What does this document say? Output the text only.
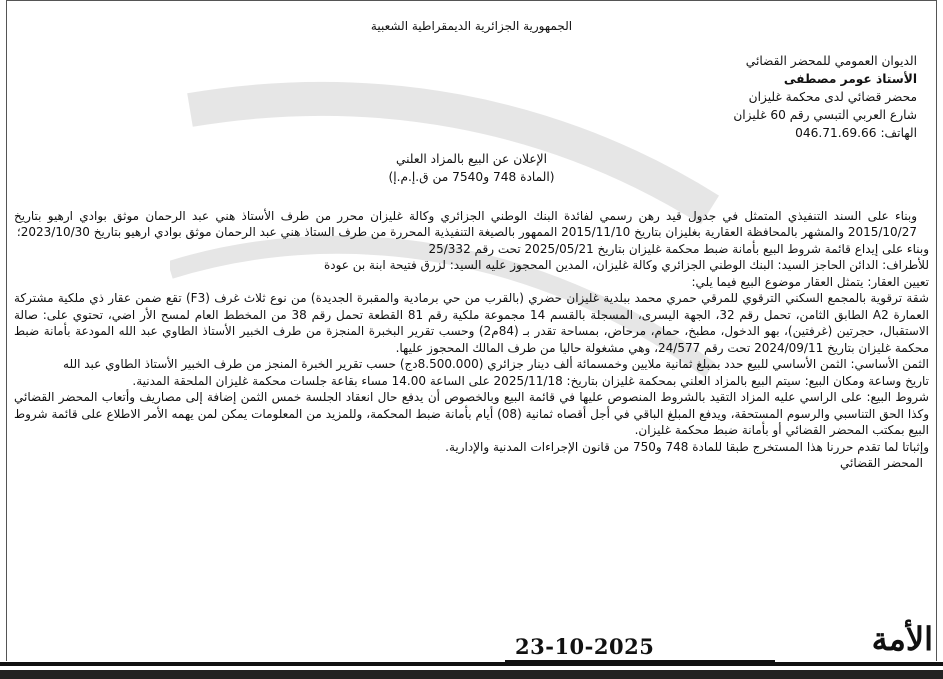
الجمهورية الجزائرية الديمقراطية الشعبية
الديوان العمومي للمحضر القضائي
الأستاذ عومر مصطفى
محضر قضائي لدى محكمة غليزان
شارع العربي التبسي رقم 60 غليزان
الهاتف: 046.71.69.66
الإعلان عن البيع بالمزاد العلني
(المادة 748 و7540 من ق.إ.م.إ)

وبناء على السند التنفيذي المتمثل في جدول قيد رهن رسمي لفائدة البنك الوطني الجزائري وكالة غليزان محرر من طرف الأستاذ هني عبد الرحمان موثق بوادي ارهيو بتاريخ 2015/10/27 والمشهر بالمحافظة العقارية بغليزان بتاريخ 2015/11/10 الممهور بالصيغة التنفيذية المحررة من طرف الستاذ هني عبد الرحمان موثق بوادي ارهيو بتاريخ 2023/10/30؛

وبناء على إيداع قائمة شروط البيع بأمانة ضبط محكمة غليزان بتاريخ 2025/05/21 تحت رقم 25/332

للأطراف: الدائن الحاجز السيد: البنك الوطني الجزائري وكالة غليزان، المدين المحجوز عليه السيد: لزرق فتيحة ابنة بن عودة

تعيين العقار: يتمثل العقار موضوع البيع فيما يلي:

شقة ترقوية بالمجمع السكني الترقوي للمرقي حمري محمد ببلدية غليزان حضري (بالقرب من حي برمادية والمقبرة الجديدة) من نوع ثلاث غرف (F3) تقع ضمن عقار ذي ملكية مشتركة العمارة A2 الطابق الثامن، تحمل رقم 32، الجهة اليسرى، المسجلة بالقسم 14 مجموعة ملكية رقم 81 القطعة تحمل رقم 38 من المخطط العام لمسح الأر اضي، تحتوي على: صالة الاستقبال، حجرتين (غرفتين)، بهو الدخول، مطبخ، حمام، مرحاض، بمساحة تقدر بـ (84م2) وحسب تقرير البخبرة المنجزة من طرف الخبير الأستاذ الطاوي عبد الله المودعة بأمانة ضبط محكمة غليزان بتاريخ 2024/09/11 تحت رقم 24/577، وهي مشغولة حاليا من طرف المالك المحجوز عليها.

الثمن الأساسي: الثمن الأساسي للبيع حدد بمبلغ ثمانية ملايين وخمسمائة ألف دينار جزائري (8.500.000دج) حسب تقرير الخبرة المنجز من طرف الخبير الأستاذ الطاوي عبد الله

تاريخ وساعة ومكان البيع: سيتم البيع بالمزاد العلني بمحكمة غليزان بتاريخ: 2025/11/18 على الساعة 14.00 مساء بقاعة جلسات محكمة غليزان الملحقة المدنية.

شروط البيع: على الراسي عليه المزاد التقيد بالشروط المنصوص عليها في قائمة البيع وبالخصوص أن يدفع حال انعقاد الجلسة خمس الثمن إضافة إلى مصاريف وأتعاب المحضر القضائي وكذا الحق التناسبي والرسوم المستحقة، ويدفع المبلغ الباقي في أجل أقصاه ثمانية (08) أيام بأمانة ضبط المحكمة، وللمزيد من المعلومات يمكن لمن يهمه الأمر الاطلاع على قائمة شروط البيع بمكتب المحضر القضائي أو بأمانة ضبط محكمة غليزان.

وإثباتا لما تقدم حررنا هذا المستخرج طبقا للمادة 748 و750 من قانون الإجراءات المدنية والإدارية.

المحضر القضائي

23-10-2025	الأمة
